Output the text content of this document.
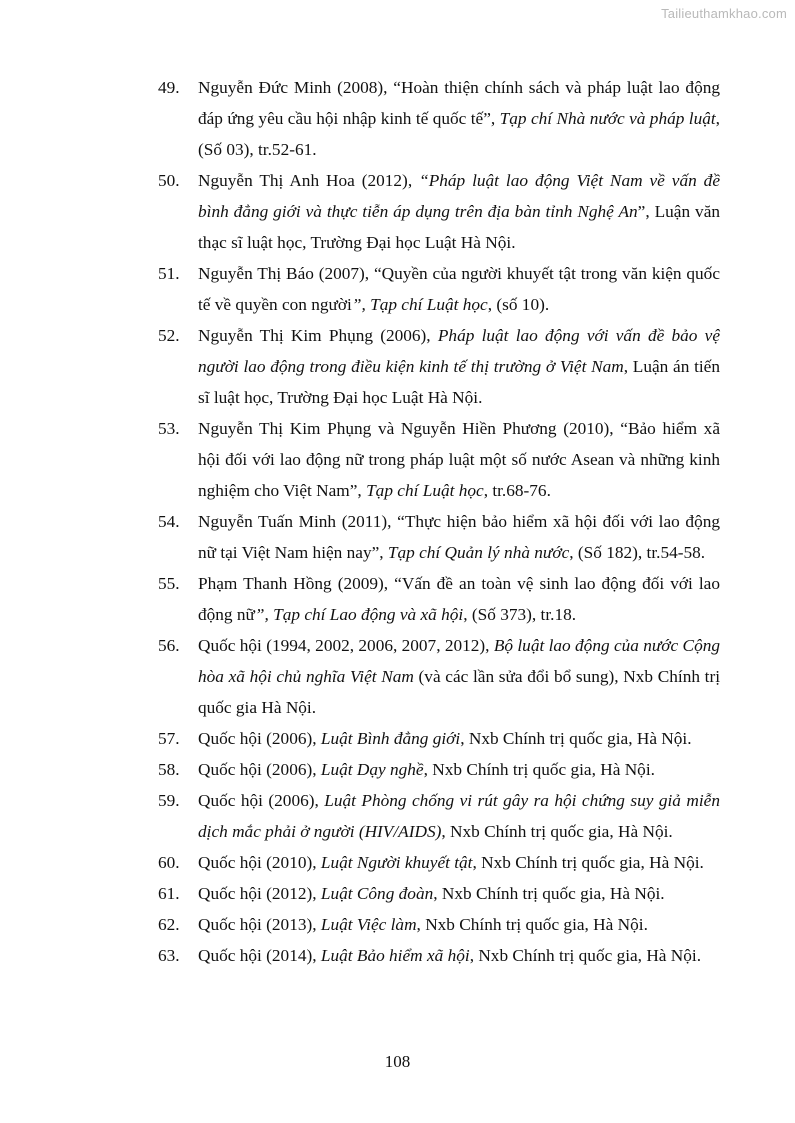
Tailieuthamkhao.com
49.	Nguyễn Đức Minh (2008), “Hoàn thiện chính sách và pháp luật lao động đáp ứng yêu cầu hội nhập kinh tế quốc tế”, Tạp chí Nhà nước và pháp luật, (Số 03), tr.52-61.
50.	Nguyễn Thị Anh Hoa (2012), “Pháp luật lao động Việt Nam về vấn đề bình đẳng giới và thực tiễn áp dụng trên địa bàn tỉnh Nghệ An”, Luận văn thạc sĩ luật học, Trường Đại học Luật Hà Nội.
51.	Nguyễn Thị Báo (2007), “Quyền của người khuyết tật trong văn kiện quốc tế về quyền con người”, Tạp chí Luật học, (số 10).
52.	Nguyễn Thị Kim Phụng (2006), Pháp luật lao động với vấn đề bảo vệ người lao động trong điều kiện kinh tế thị trường ở Việt Nam, Luận án tiến sĩ luật học, Trường Đại học Luật Hà Nội.
53.	Nguyễn Thị Kim Phụng và Nguyễn Hiền Phương (2010), “Bảo hiểm xã hội đối với lao động nữ trong pháp luật một số nước Asean và những kinh nghiệm cho Việt Nam”, Tạp chí Luật học, tr.68-76.
54.	Nguyễn Tuấn Minh (2011), “Thực hiện bảo hiểm xã hội đối với lao động nữ tại Việt Nam hiện nay”, Tạp chí Quản lý nhà nước, (Số 182), tr.54-58.
55.	Phạm Thanh Hồng (2009), “Vấn đề an toàn vệ sinh lao động đối với lao động nữ”, Tạp chí Lao động và xã hội, (Số 373), tr.18.
56.	Quốc hội (1994, 2002, 2006, 2007, 2012), Bộ luật lao động của nước Cộng hòa xã hội chủ nghĩa Việt Nam (và các lần sửa đổi bổ sung), Nxb Chính trị quốc gia Hà Nội.
57.	Quốc hội (2006), Luật Bình đẳng giới, Nxb Chính trị quốc gia, Hà Nội.
58.	Quốc hội (2006), Luật Dạy nghề, Nxb Chính trị quốc gia, Hà Nội.
59.	Quốc hội (2006), Luật Phòng chống vi rút gây ra hội chứng suy giả miễn dịch mắc phải ở người (HIV/AIDS), Nxb Chính trị quốc gia, Hà Nội.
60.	Quốc hội (2010), Luật Người khuyết tật, Nxb Chính trị quốc gia, Hà Nội.
61.	Quốc hội (2012), Luật Công đoàn, Nxb Chính trị quốc gia, Hà Nội.
62.	Quốc hội (2013), Luật Việc làm, Nxb Chính trị quốc gia, Hà Nội.
63.	Quốc hội (2014), Luật Bảo hiểm xã hội, Nxb Chính trị quốc gia, Hà Nội.
108
